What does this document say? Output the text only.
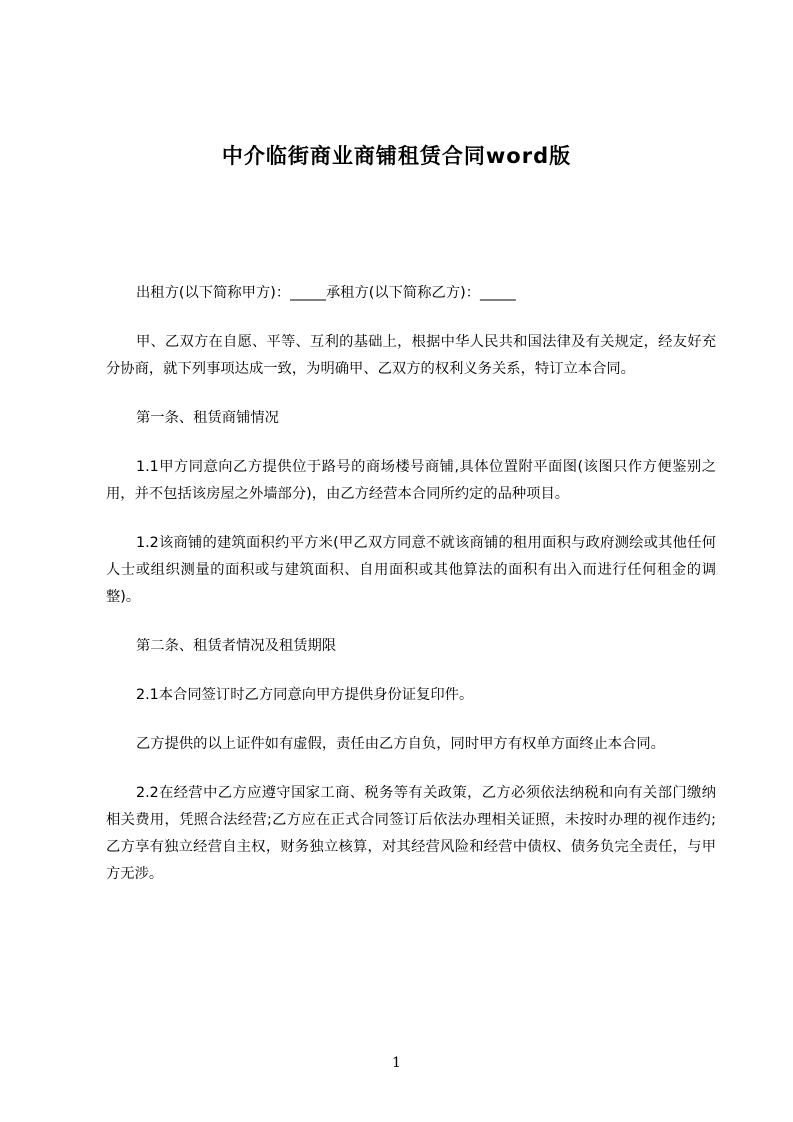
中介临街商业商铺租赁合同word版

出租方(以下简称甲方)：_____承租方(以下简称乙方)：_____

甲、乙双方在自愿、平等、互利的基础上，根据中华人民共和国法律及有关规定，经友好充分协商，就下列事项达成一致，为明确甲、乙双方的权利义务关系，特订立本合同。

第一条、租赁商铺情况

1.1甲方同意向乙方提供位于路号的商场楼号商铺,具体位置附平面图(该图只作方便鉴别之用，并不包括该房屋之外墙部分)，由乙方经营本合同所约定的品种项目。

1.2该商铺的建筑面积约平方米(甲乙双方同意不就该商铺的租用面积与政府测绘或其他任何人士或组织测量的面积或与建筑面积、自用面积或其他算法的面积有出入而进行任何租金的调整)。

第二条、租赁者情况及租赁期限

2.1本合同签订时乙方同意向甲方提供身份证复印件。

乙方提供的以上证件如有虚假，责任由乙方自负，同时甲方有权单方面终止本合同。

2.2在经营中乙方应遵守国家工商、税务等有关政策，乙方必须依法纳税和向有关部门缴纳相关费用，凭照合法经营;乙方应在正式合同签订后依法办理相关证照，未按时办理的视作违约;乙方享有独立经营自主权，财务独立核算，对其经营风险和经营中债权、债务负完全责任，与甲方无涉。

1
